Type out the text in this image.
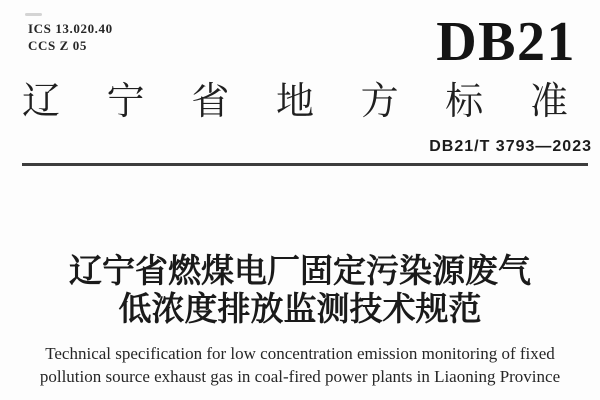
ICS 13.020.40
CCS Z 05	DB21
辽 宁 省 地 方 标 准
DB21/T 3793—2023
辽宁省燃煤电厂固定污染源废气
低浓度排放监测技术规范
Technical specification for low concentration emission monitoring of fixed
pollution source exhaust gas in coal-fired power plants in Liaoning Province
